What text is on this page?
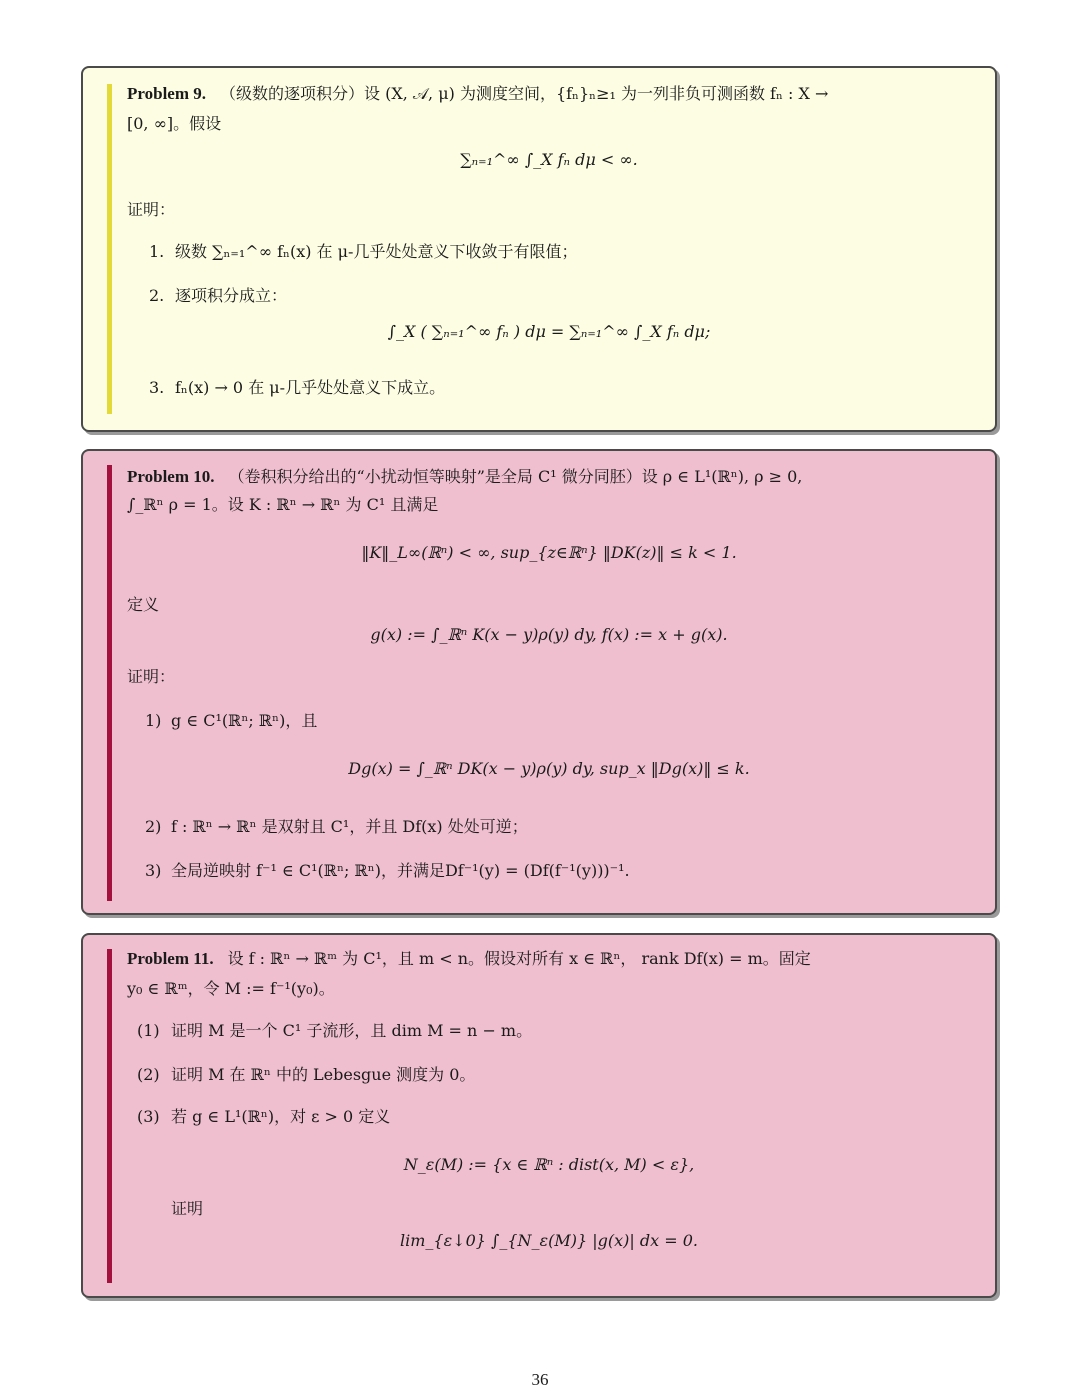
Problem 9. （级数的逐项积分）设 (X, 𝒜, μ) 为测度空间，{fₙ}ₙ≥₁ 为一列非负可测函数 fₙ : X →
[0, ∞]。假设
∑ₙ₌₁^∞ ∫_X fₙ dμ < ∞.
证明：
1. 级数 ∑ₙ₌₁^∞ fₙ(x) 在 μ-几乎处处意义下收敛于有限值；
2. 逐项积分成立：
∫_X ( ∑ₙ₌₁^∞ fₙ ) dμ = ∑ₙ₌₁^∞ ∫_X fₙ dμ;
3. fₙ(x) → 0 在 μ-几乎处处意义下成立。
Problem 10. （卷积积分给出的“小扰动恒等映射”是全局 C¹ 微分同胚）设 ρ ∈ L¹(ℝⁿ), ρ ≥ 0,
∫_ℝⁿ ρ = 1。设 K : ℝⁿ → ℝⁿ 为 C¹ 且满足
‖K‖_L∞(ℝⁿ) < ∞, sup_{z∈ℝⁿ} ‖DK(z)‖ ≤ k < 1.
定义
g(x) := ∫_ℝⁿ K(x − y)ρ(y) dy, f(x) := x + g(x).
证明：
1) g ∈ C¹(ℝⁿ; ℝⁿ)，且
Dg(x) = ∫_ℝⁿ DK(x − y)ρ(y) dy, sup_x ‖Dg(x)‖ ≤ k.
2) f : ℝⁿ → ℝⁿ 是双射且 C¹，并且 Df(x) 处处可逆；
3) 全局逆映射 f⁻¹ ∈ C¹(ℝⁿ; ℝⁿ)，并满足Df⁻¹(y) = (Df(f⁻¹(y)))⁻¹.
Problem 11. 设 f : ℝⁿ → ℝᵐ 为 C¹，且 m < n。假设对所有 x ∈ ℝⁿ， rank Df(x) = m。固定
y₀ ∈ ℝᵐ，令 M := f⁻¹(y₀)。
(1) 证明 M 是一个 C¹ 子流形，且 dim M = n − m。
(2) 证明 M 在 ℝⁿ 中的 Lebesgue 测度为 0。
(3) 若 g ∈ L¹(ℝⁿ)，对 ε > 0 定义
N_ε(M) := {x ∈ ℝⁿ : dist(x, M) < ε},
证明
lim_{ε↓0} ∫_{N_ε(M)} |g(x)| dx = 0.
36
